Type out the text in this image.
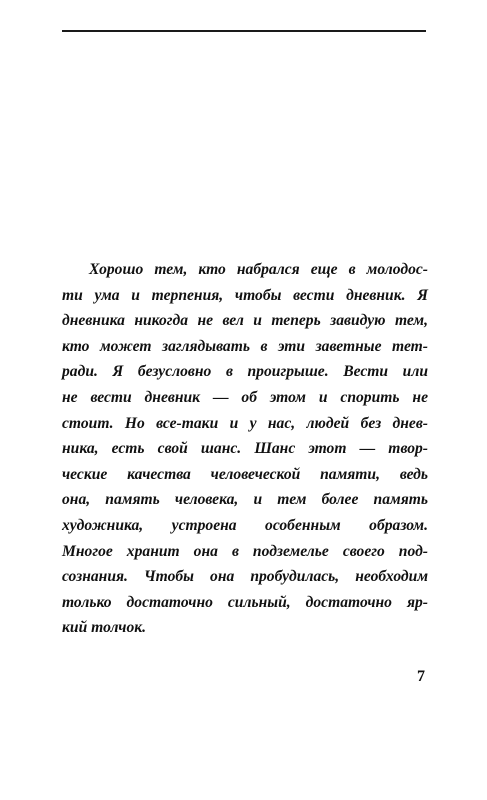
Хорошо тем, кто набрался еще в молодос-
ти ума и терпения, чтобы вести дневник. Я
дневника никогда не вел и теперь завидую тем,
кто может заглядывать в эти заветные тет-
ради. Я безусловно в проигрыше. Вести или
не вести дневник — об этом и спорить не
стоит. Но все-таки и у нас, людей без днев-
ника, есть свой шанс. Шанс этот — твор-
ческие качества человеческой памяти, ведь
она, память человека, и тем более память
художника, устроена особенным образом.
Многое хранит она в подземелье своего под-
сознания. Чтобы она пробудилась, необходим
только достаточно сильный, достаточно яр-
кий толчок.
7
